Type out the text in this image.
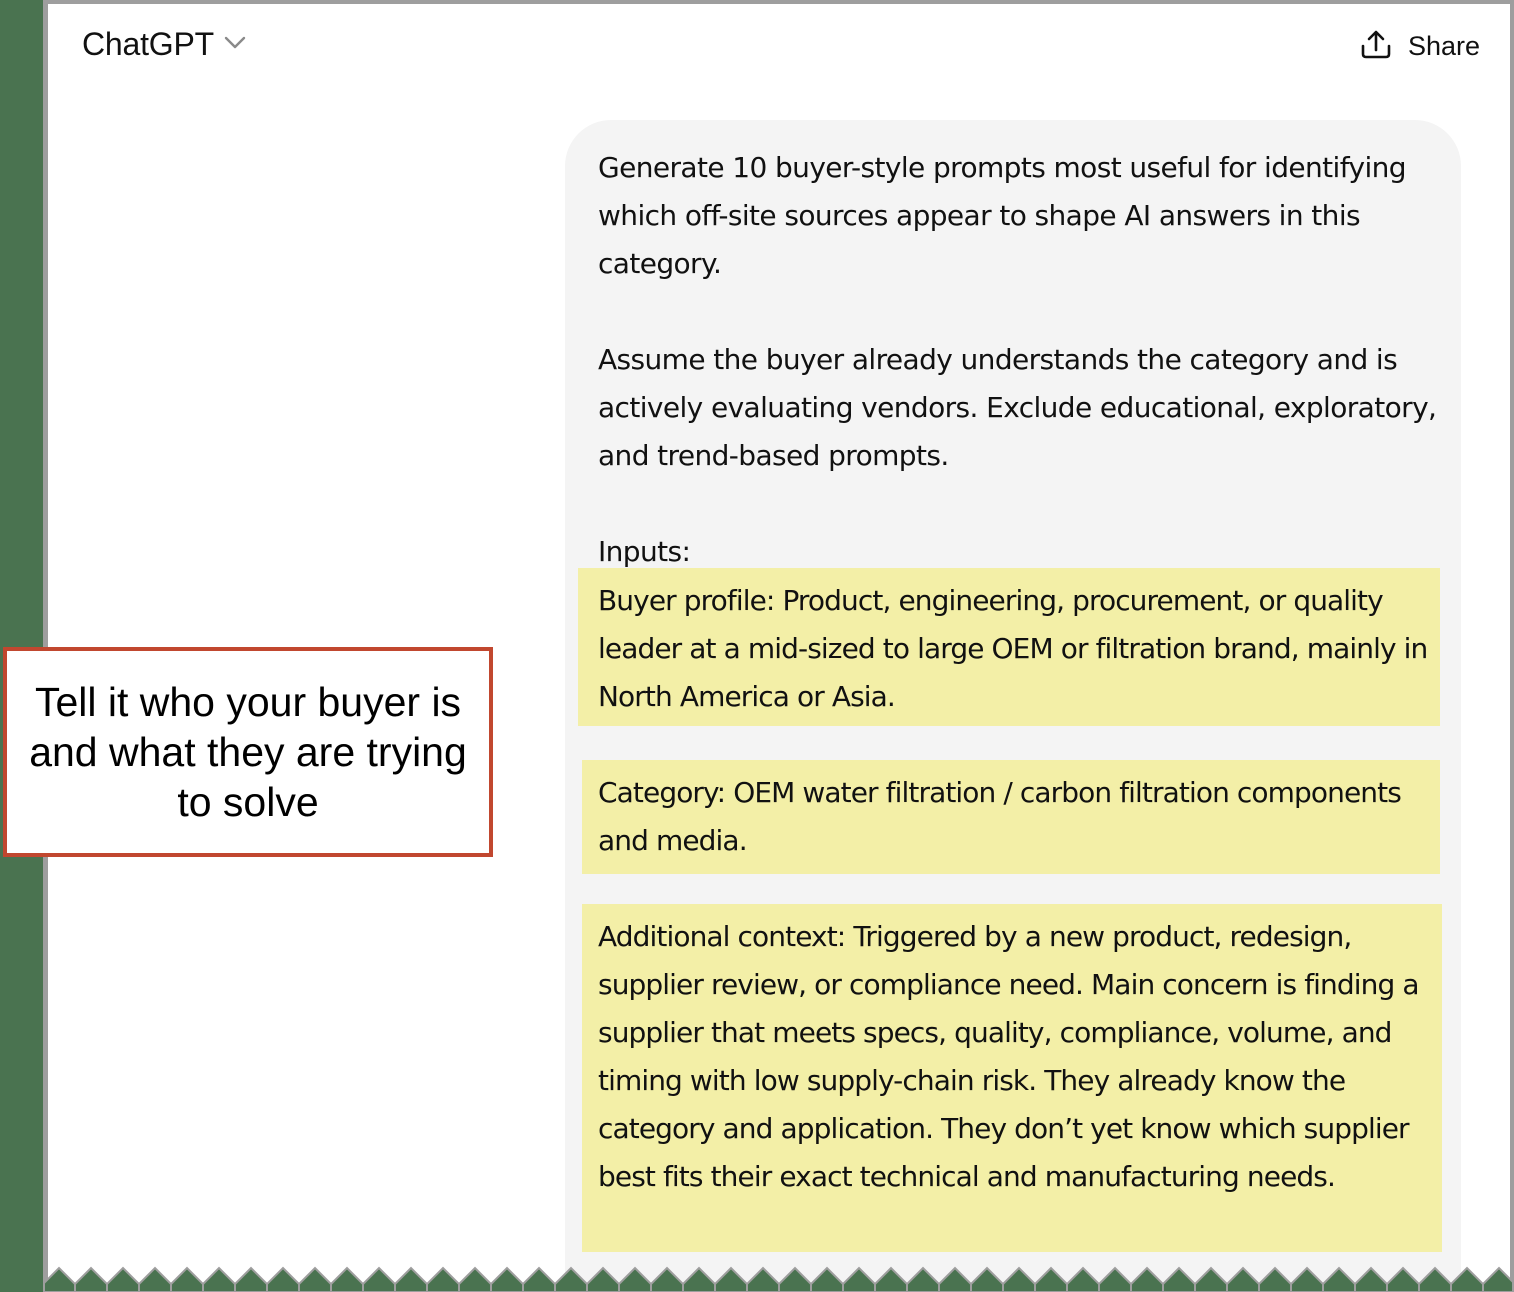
ChatGPT	Share
Generate 10 buyer-style prompts most useful for identifying which off-site sources appear to shape AI answers in this category.
Assume the buyer already understands the category and is actively evaluating vendors. Exclude educational, exploratory, and trend-based prompts.
Inputs:
Buyer profile: Product, engineering, procurement, or quality leader at a mid-sized to large OEM or filtration brand, mainly in North America or Asia.
Category: OEM water filtration / carbon filtration components and media.
Additional context: Triggered by a new product, redesign, supplier review, or compliance need. Main concern is finding a supplier that meets specs, quality, compliance, volume, and timing with low supply-chain risk. They already know the category and application. They don’t yet know which supplier best fits their exact technical and manufacturing needs.
Tell it who your buyer is and what they are trying to solve
